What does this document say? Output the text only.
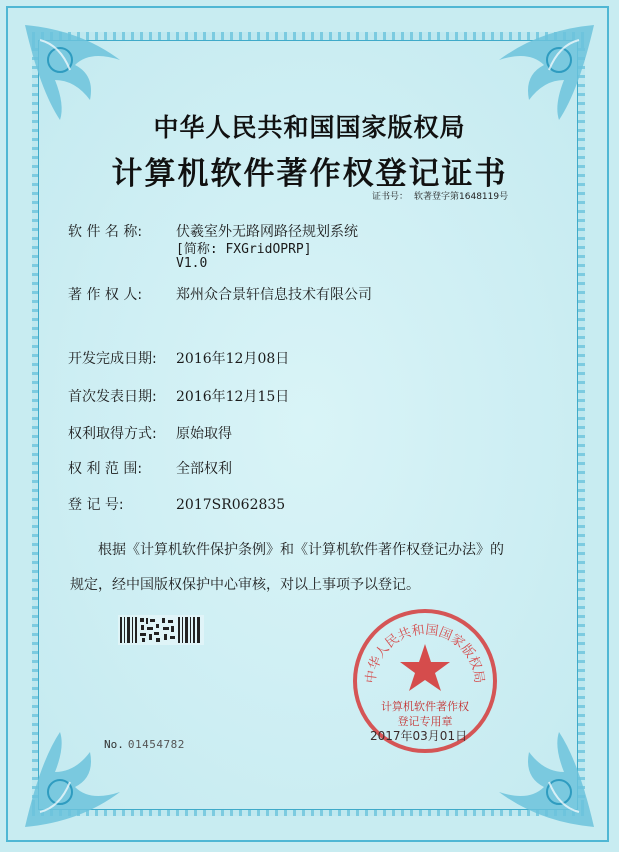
中华人民共和国国家版权局
计算机软件著作权登记证书
证书号： 软著登字第1648119号
软 件 名 称: 伏羲室外无路网路径规划系统
[简称: FXGridOPRP]
V1.0
著 作 权 人: 郑州众合景轩信息技术有限公司
开发完成日期: 2016年12月08日
首次发表日期: 2016年12月15日
权利取得方式: 原始取得
权 利 范 围: 全部权利
登 记 号:	2017SR062835
根据《计算机软件保护条例》和《计算机软件著作权登记办法》的
规定，经中国版权保护中心审核，对以上事项予以登记。
No. 01454782
中华人民共和国国家版权局
计算机软件著作权
登记专用章
2017年03月01日
